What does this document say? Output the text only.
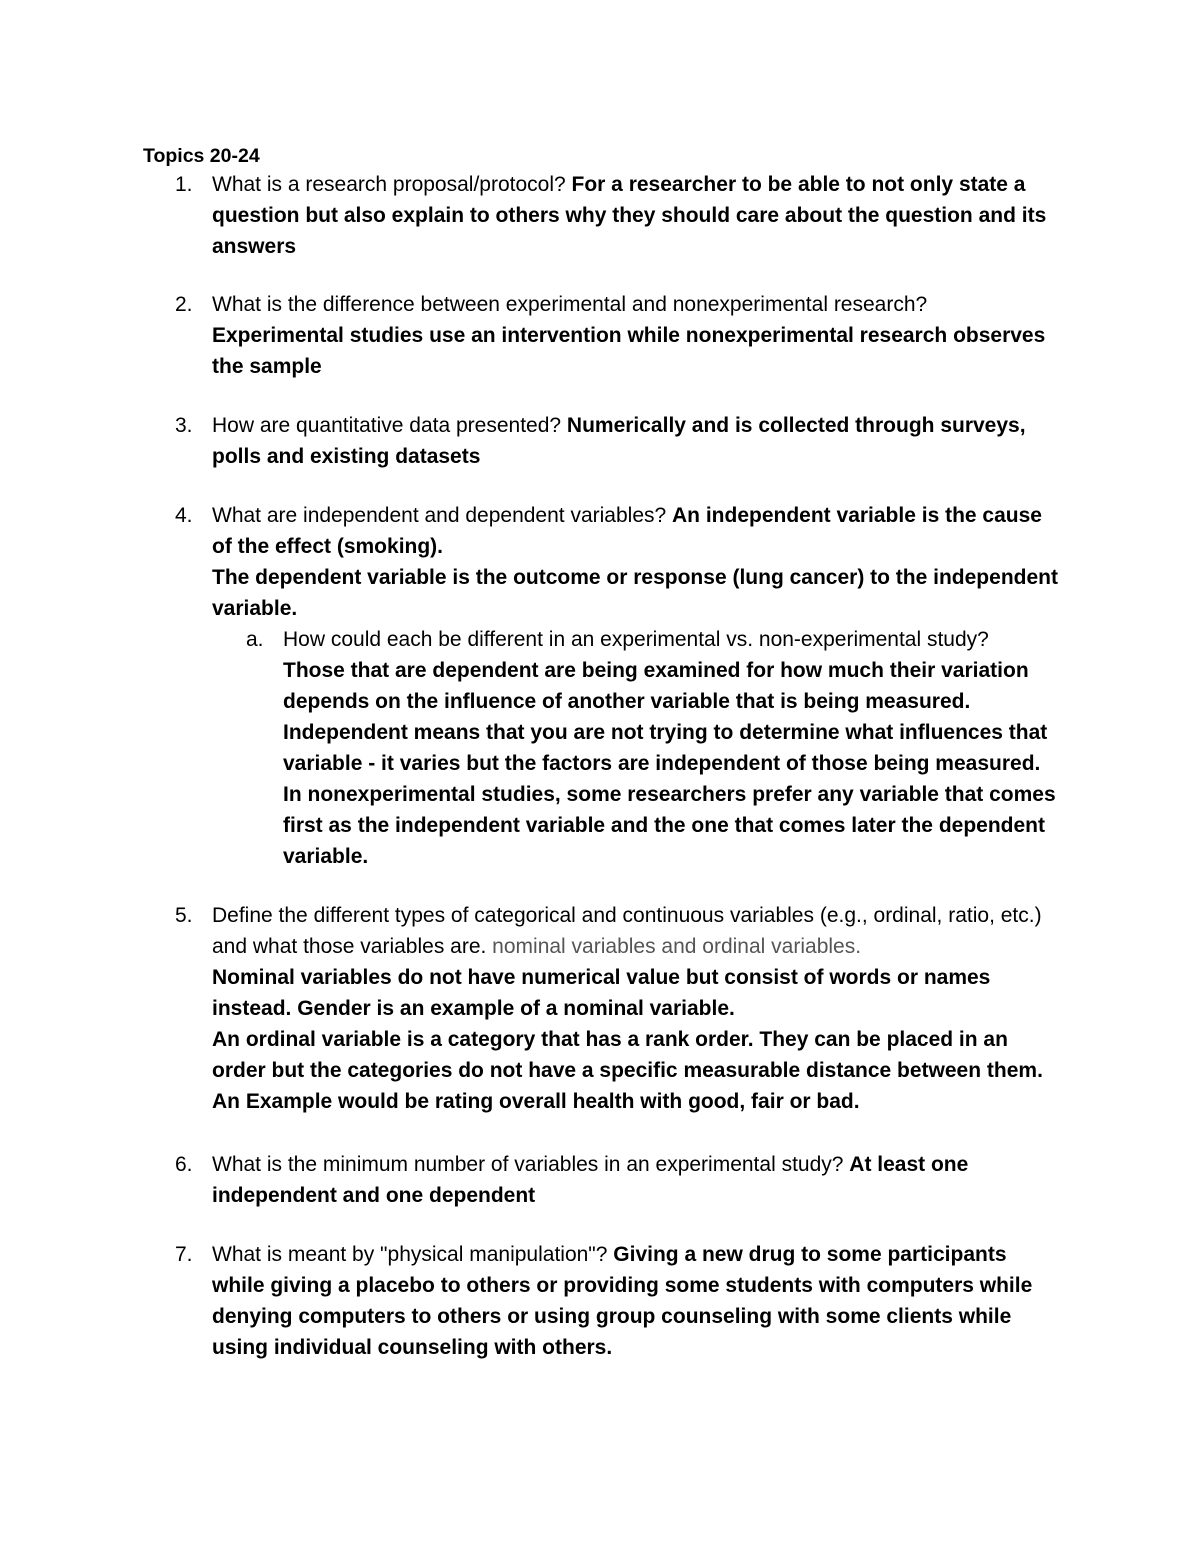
Topics 20-24
1. What is a research proposal/protocol? For a researcher to be able to not only state a question but also explain to others why they should care about the question and its answers
2. What is the difference between experimental and nonexperimental research?
Experimental studies use an intervention while nonexperimental research observes the sample
3. How are quantitative data presented? Numerically and is collected through surveys, polls and existing datasets
4. What are independent and dependent variables? An independent variable is the cause of the effect (smoking).
The dependent variable is the outcome or response (lung cancer) to the independent variable.
a. How could each be different in an experimental vs. non-experimental study?
Those that are dependent are being examined for how much their variation depends on the influence of another variable that is being measured. Independent means that you are not trying to determine what influences that variable - it varies but the factors are independent of those being measured.
In nonexperimental studies, some researchers prefer any variable that comes first as the independent variable and the one that comes later the dependent variable.
5. Define the different types of categorical and continuous variables (e.g., ordinal, ratio, etc.) and what those variables are. nominal variables and ordinal variables.
Nominal variables do not have numerical value but consist of words or names instead. Gender is an example of a nominal variable.
An ordinal variable is a category that has a rank order. They can be placed in an order but the categories do not have a specific measurable distance between them.
An Example would be rating overall health with good, fair or bad.
6. What is the minimum number of variables in an experimental study? At least one independent and one dependent
7. What is meant by "physical manipulation"? Giving a new drug to some participants while giving a placebo to others or providing some students with computers while denying computers to others or using group counseling with some clients while using individual counseling with others.
